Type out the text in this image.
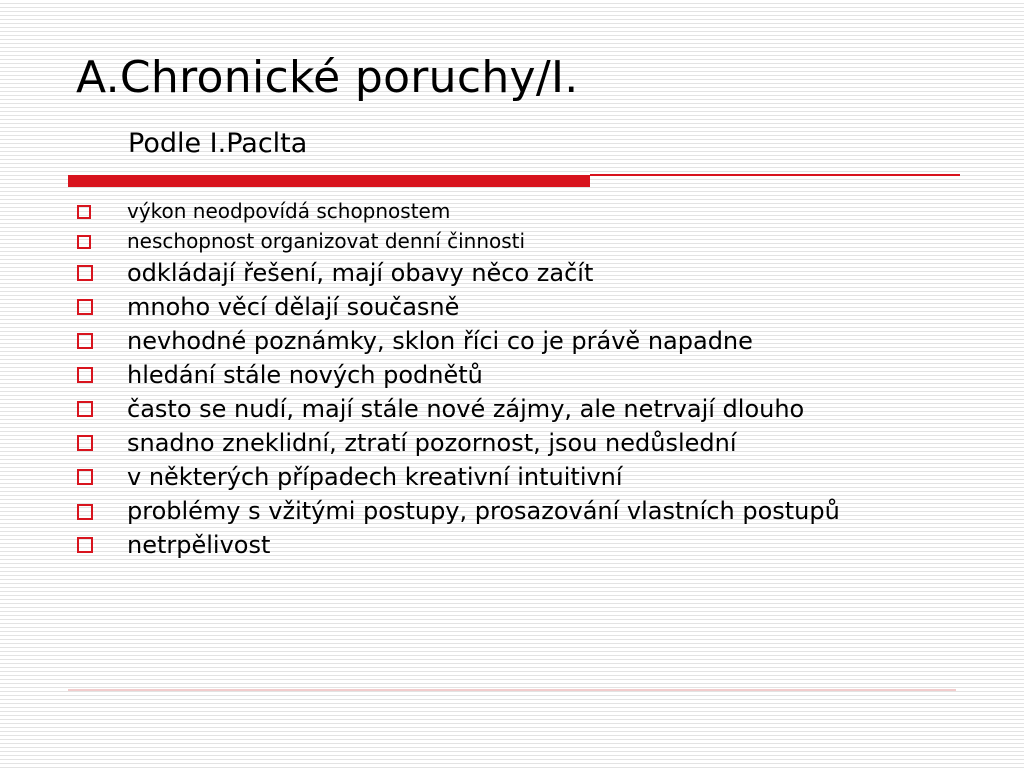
A.Chronické poruchy/I.
Podle I.Paclta
výkon neodpovídá schopnostem
neschopnost organizovat denní činnosti
odkládají řešení, mají obavy něco začít
mnoho věcí dělají současně
nevhodné poznámky, sklon říci co je právě napadne
hledání stále nových podnětů
často se nudí, mají stále nové zájmy, ale netrvají dlouho
snadno zneklidní, ztratí pozornost, jsou nedůslední
v některých případech kreativní intuitivní
problémy s vžitými postupy, prosazování vlastních postupů
netrpělivost
